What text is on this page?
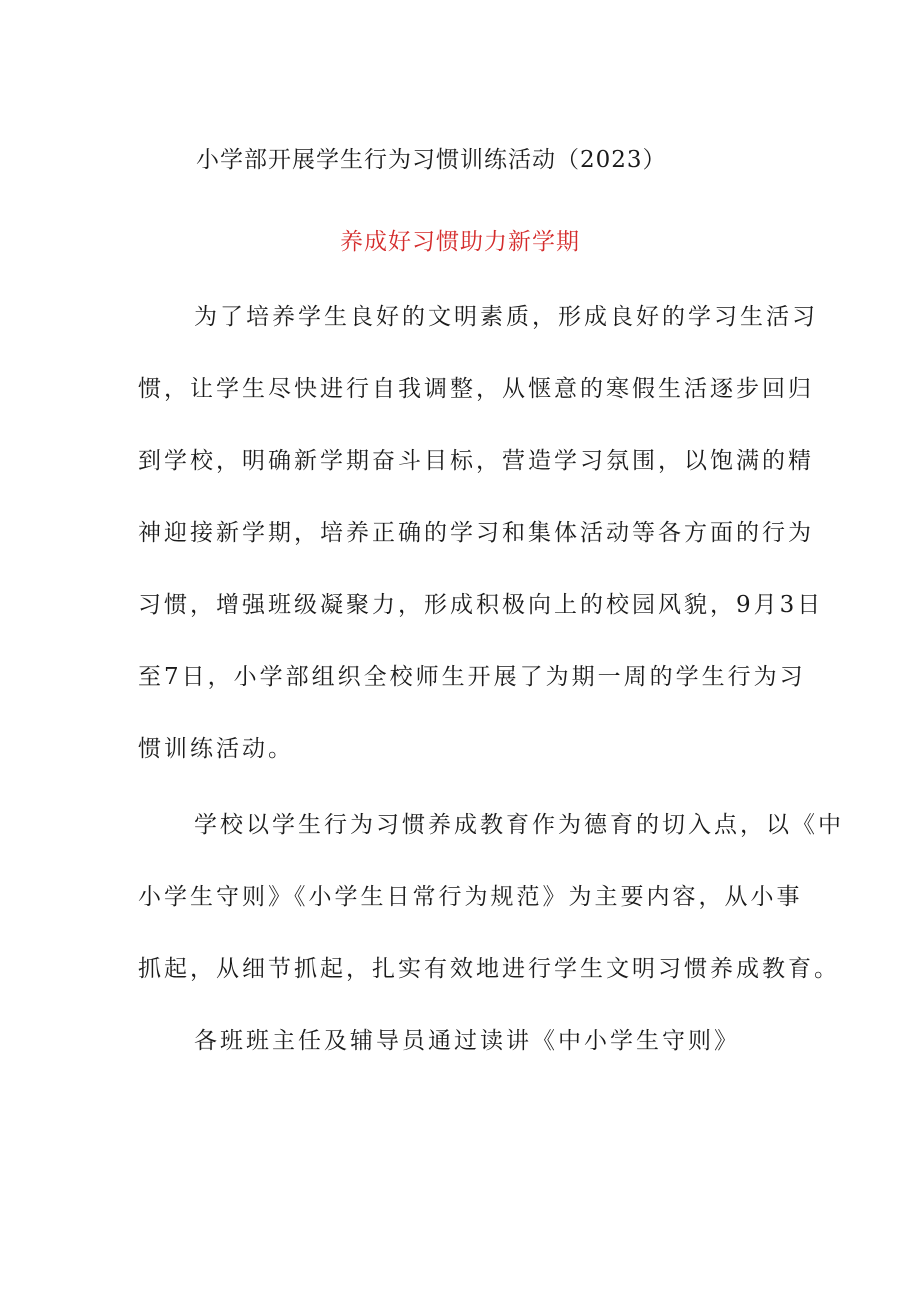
小学部开展学生行为习惯训练活动（2023）
养成好习惯助力新学期
为了培养学生良好的文明素质，形成良好的学习生活习
惯，让学生尽快进行自我调整，从惬意的寒假生活逐步回归
到学校，明确新学期奋斗目标，营造学习氛围，以饱满的精
神迎接新学期，培养正确的学习和集体活动等各方面的行为
习惯，增强班级凝聚力，形成积极向上的校园风貌，9月3日
至7日，小学部组织全校师生开展了为期一周的学生行为习
惯训练活动。
学校以学生行为习惯养成教育作为德育的切入点，以《中
小学生守则》《小学生日常行为规范》为主要内容，从小事
抓起，从细节抓起，扎实有效地进行学生文明习惯养成教育。
各班班主任及辅导员通过读讲《中小学生守则》
